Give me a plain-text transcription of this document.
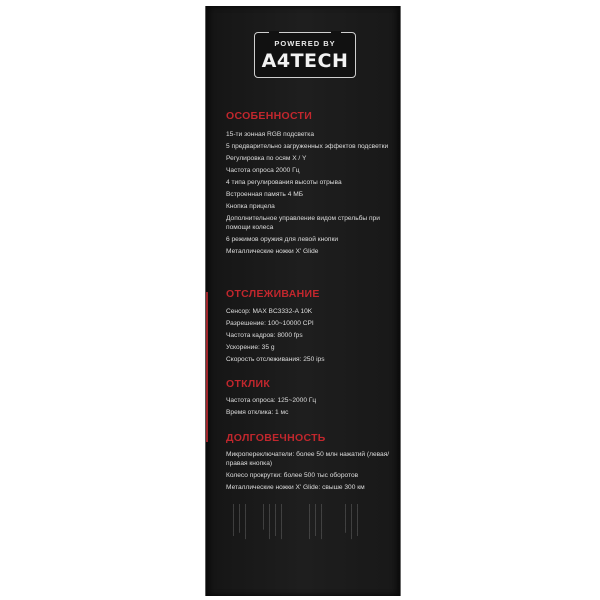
POWERED BY
A4TECH
ОСОБЕННОСТИ
15-ти зонная RGB подсветка
5 предварительно загруженных эффектов подсветки
Регулировка по осям X / Y
Частота опроса 2000 Гц
4 типа регулирования высоты отрыва
Встроенная память 4 МБ
Кнопка прицела
Дополнительное управление видом стрельбы при помощи колеса
6 режимов оружия для левой кнопки
Металлические ножки X' Glide
ОТСЛЕЖИВАНИЕ
Сенсор: MAX BC3332-A 10K
Разрешение: 100~10000 CPI
Частота кадров: 8000 fps
Ускорение: 35 g
Скорость отслеживания: 250 ips
ОТКЛИК
Частота опроса: 125~2000 Гц
Время отклика: 1 мс
ДОЛГОВЕЧНОСТЬ
Микропереключатели: более 50 млн нажатий (левая/правая кнопка)
Колесо прокрутки: более 500 тыс оборотов
Металлические ножки X' Glide: свыше 300 км
───────────
─────────
──────────	───────────
──────────
───────────
────────	───────────
──────────
───────────	──────────
───────────
─────────
